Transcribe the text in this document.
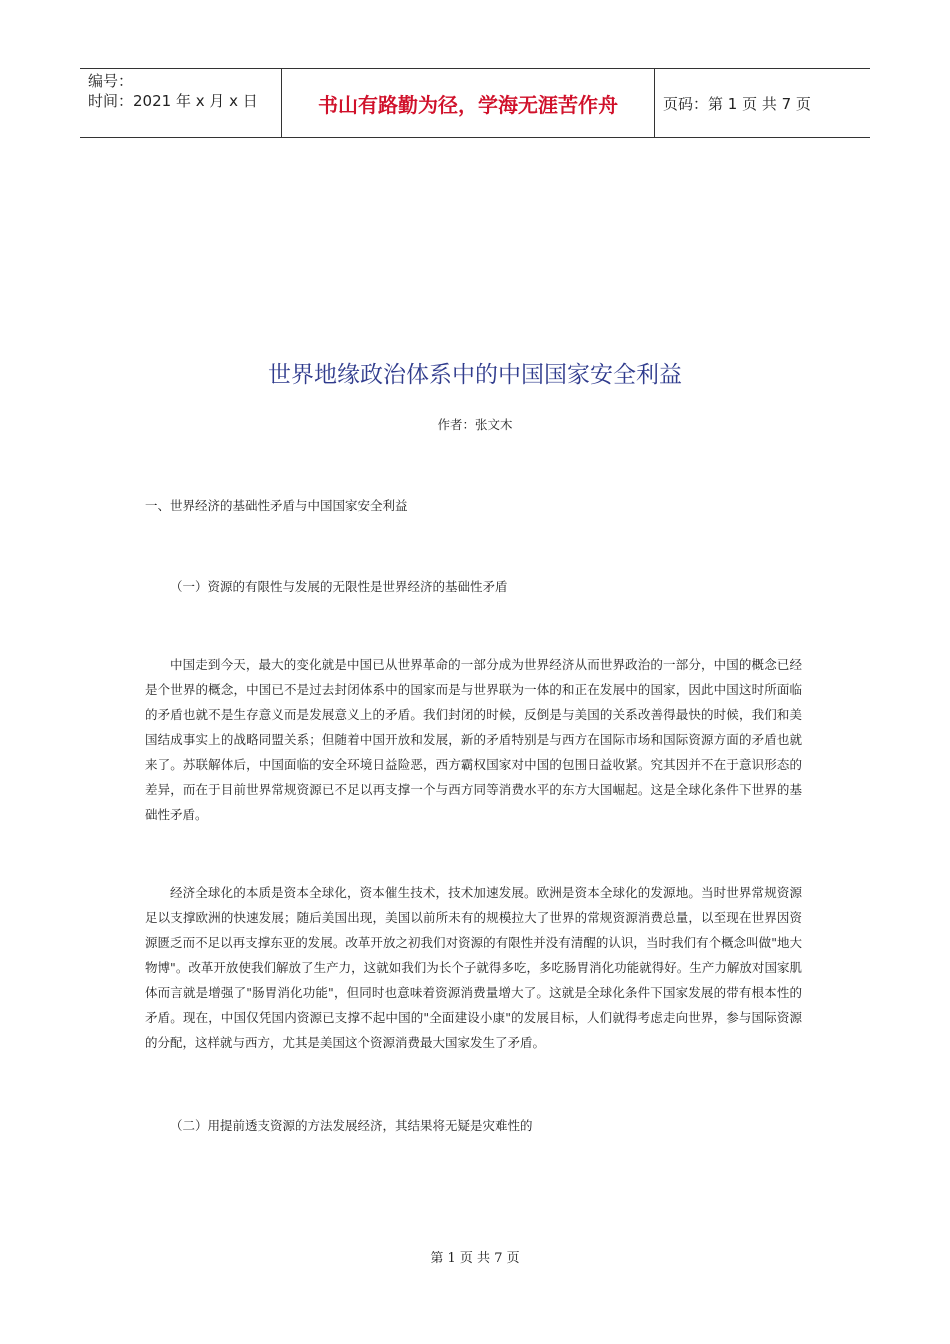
编号：
时间：2021 年 x 月 x 日	书山有路勤为径，学海无涯苦作舟	页码：第 1 页 共 7 页
世界地缘政治体系中的中国国家安全利益
作者：张文木
一、世界经济的基础性矛盾与中国国家安全利益
（一）资源的有限性与发展的无限性是世界经济的基础性矛盾

中国走到今天，最大的变化就是中国已从世界革命的一部分成为世界经济从而世界政治的一部分，中国的概念已经是个世界的概念，中国已不是过去封闭体系中的国家而是与世界联为一体的和正在发展中的国家，因此中国这时所面临的矛盾也就不是生存意义而是发展意义上的矛盾。我们封闭的时候，反倒是与美国的关系改善得最快的时候，我们和美国结成事实上的战略同盟关系；但随着中国开放和发展，新的矛盾特别是与西方在国际市场和国际资源方面的矛盾也就来了。苏联解体后，中国面临的安全环境日益险恶，西方霸权国家对中国的包围日益收紧。究其因并不在于意识形态的差异，而在于目前世界常规资源已不足以再支撑一个与西方同等消费水平的东方大国崛起。这是全球化条件下世界的基础性矛盾。

经济全球化的本质是资本全球化，资本催生技术，技术加速发展。欧洲是资本全球化的发源地。当时世界常规资源足以支撑欧洲的快速发展；随后美国出现，美国以前所未有的规模拉大了世界的常规资源消费总量，以至现在世界因资源匮乏而不足以再支撑东亚的发展。改革开放之初我们对资源的有限性并没有清醒的认识，当时我们有个概念叫做"地大物博"。改革开放使我们解放了生产力，这就如我们为长个子就得多吃，多吃肠胃消化功能就得好。生产力解放对国家肌体而言就是增强了"肠胃消化功能"，但同时也意味着资源消费量增大了。这就是全球化条件下国家发展的带有根本性的矛盾。现在，中国仅凭国内资源已支撑不起中国的"全面建设小康"的发展目标，人们就得考虑走向世界，参与国际资源的分配，这样就与西方，尤其是美国这个资源消费最大国家发生了矛盾。

（二）用提前透支资源的方法发展经济，其结果将无疑是灾难性的
第 1 页 共 7 页
